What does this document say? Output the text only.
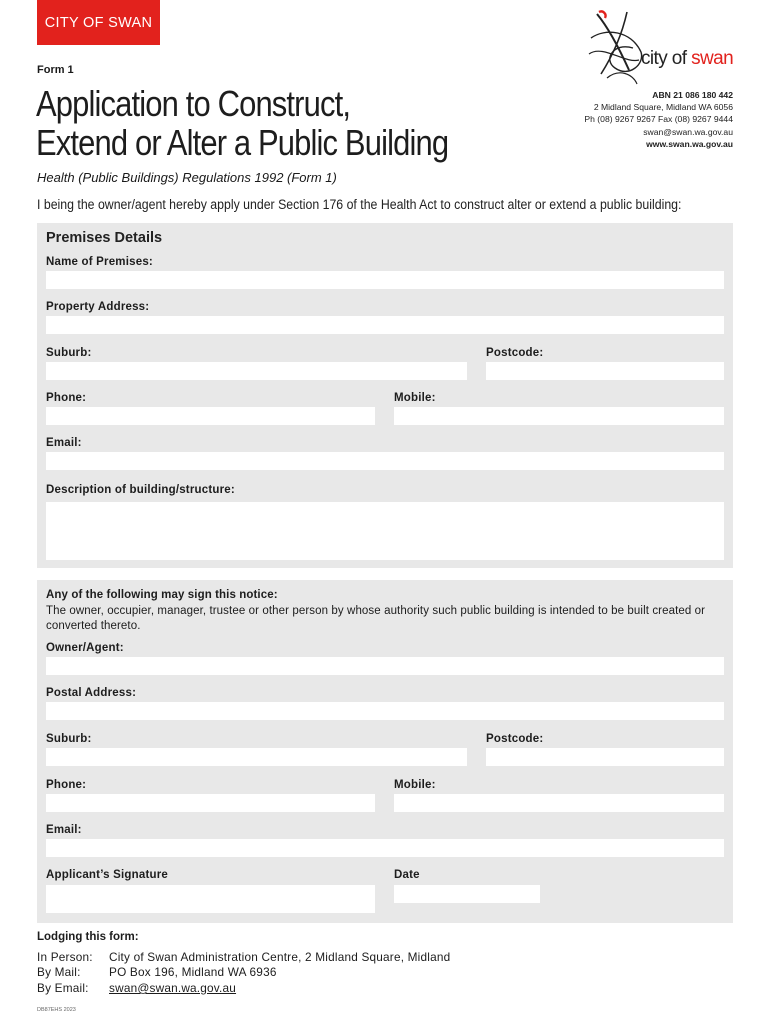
CITY OF SWAN
city of swan
Form 1
Application to Construct,
Extend or Alter a Public Building
ABN 21 086 180 442
2 Midland Square, Midland WA 6056
Ph (08) 9267 9267 Fax (08) 9267 9444
swan@swan.wa.gov.au
www.swan.wa.gov.au
Health (Public Buildings) Regulations 1992 (Form 1)
I being the owner/agent hereby apply under Section 176 of the Health Act to construct alter or extend a public building:
Premises Details
Name of Premises:
Property Address:
Suburb:	Postcode:
Phone:	Mobile:
Email:
Description of building/structure:
Any of the following may sign this notice:
The owner, occupier, manager, trustee or other person by whose authority such public building is intended to be built created or converted thereto.
Owner/Agent:
Postal Address:
Suburb:	Postcode:
Phone:	Mobile:
Email:
Applicant’s Signature	Date
Lodging this form:
In Person: City of Swan Administration Centre, 2 Midland Square, Midland
By Mail: PO Box 196, Midland WA 6936
By Email: swan@swan.wa.gov.au
DB87EHS 2023
